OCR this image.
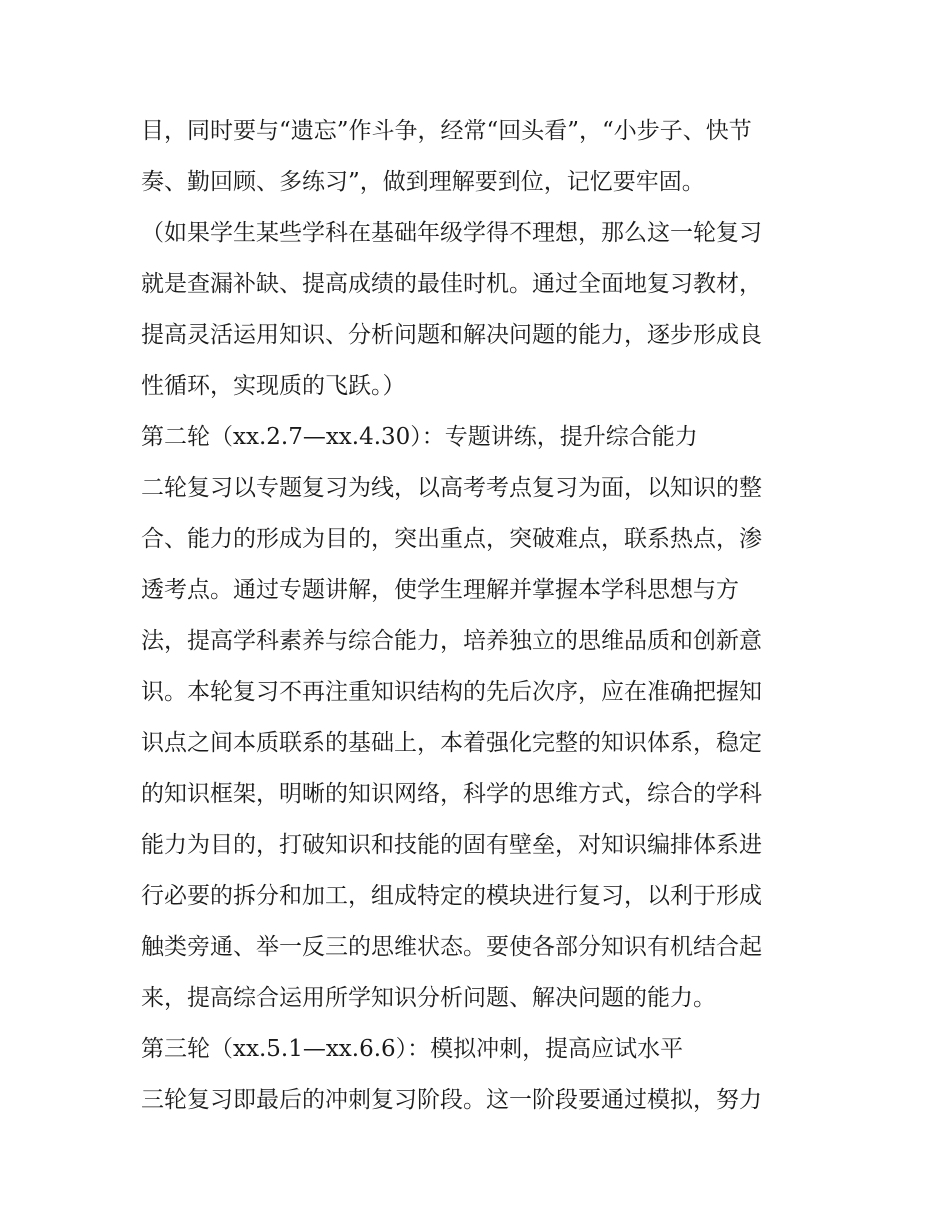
目，同时要与“遗忘”作斗争，经常“回头看”，“小步子、快节
奏、勤回顾、多练习”，做到理解要到位，记忆要牢固。
（如果学生某些学科在基础年级学得不理想，那么这一轮复习
就是查漏补缺、提高成绩的最佳时机。通过全面地复习教材，
提高灵活运用知识、分析问题和解决问题的能力，逐步形成良
性循环，实现质的飞跃。）
第二轮（xx.2.7—xx.4.30）：专题讲练，提升综合能力
二轮复习以专题复习为线，以高考考点复习为面，以知识的整
合、能力的形成为目的，突出重点，突破难点，联系热点，渗
透考点。通过专题讲解，使学生理解并掌握本学科思想与方
法，提高学科素养与综合能力，培养独立的思维品质和创新意
识。本轮复习不再注重知识结构的先后次序，应在准确把握知
识点之间本质联系的基础上，本着强化完整的知识体系，稳定
的知识框架，明晰的知识网络，科学的思维方式，综合的学科
能力为目的，打破知识和技能的固有壁垒，对知识编排体系进
行必要的拆分和加工，组成特定的模块进行复习，以利于形成
触类旁通、举一反三的思维状态。要使各部分知识有机结合起
来，提高综合运用所学知识分析问题、解决问题的能力。
第三轮（xx.5.1—xx.6.6）：模拟冲刺，提高应试水平
三轮复习即最后的冲刺复习阶段。这一阶段要通过模拟，努力
